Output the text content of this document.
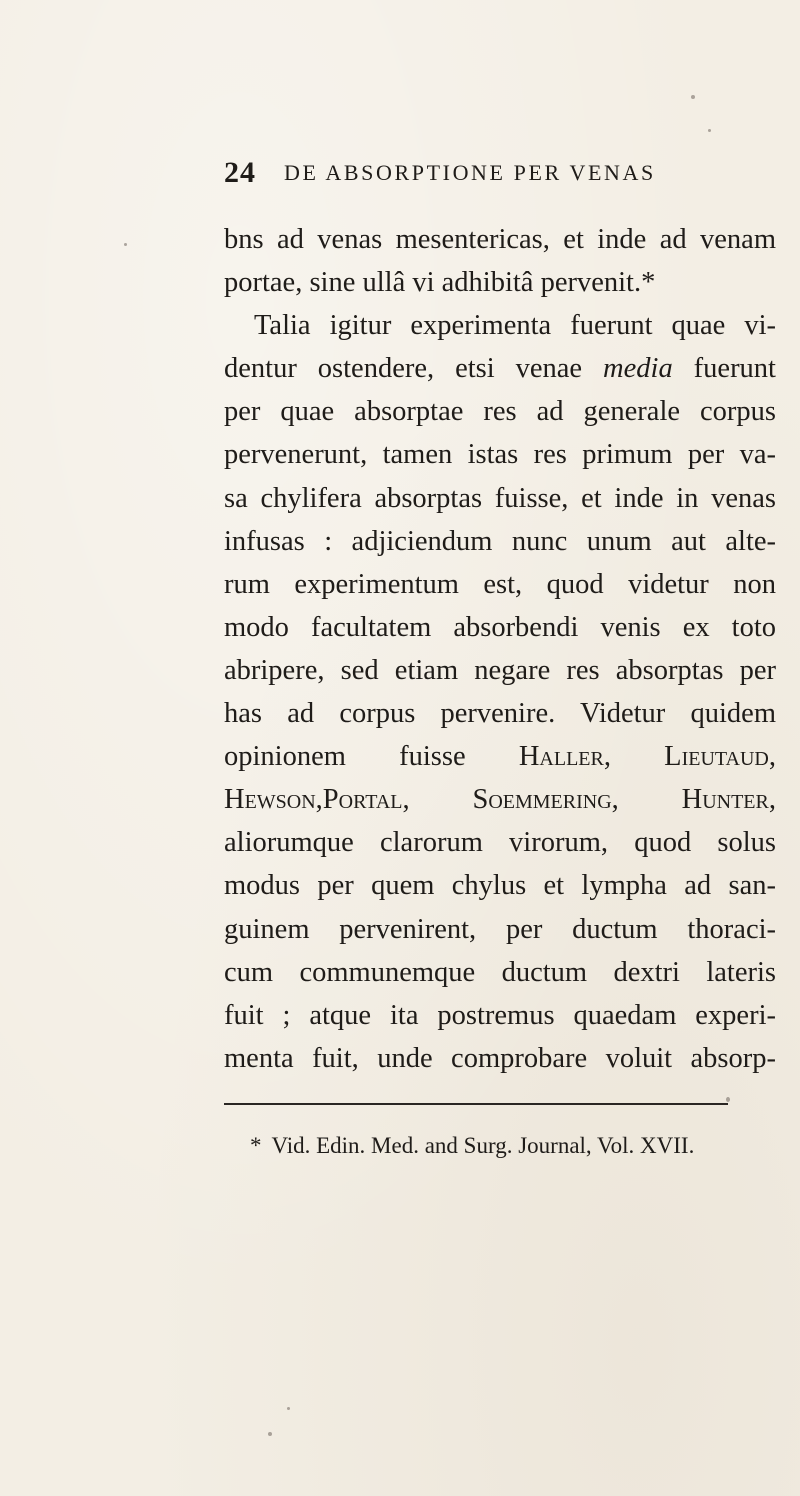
24 DE ABSORPTIONE PER VENAS
bns ad venas mesentericas, et inde ad venam
portae, sine ullâ vi adhibitâ pervenit.*
Talia igitur experimenta fuerunt quae vi-
dentur ostendere, etsi venae media fuerunt
per quae absorptae res ad generale corpus
pervenerunt, tamen istas res primum per va-
sa chylifera absorptas fuisse, et inde in venas
infusas : adjiciendum nunc unum aut alte-
rum experimentum est, quod videtur non
modo facultatem absorbendi venis ex toto
abripere, sed etiam negare res absorptas per
has ad corpus pervenire. Videtur quidem
opinionem fuisse Haller, Lieutaud,
Hewson,Portal, Soemmering, Hunter,
aliorumque clarorum virorum, quod solus
modus per quem chylus et lympha ad san-
guinem pervenirent, per ductum thoraci-
cum communemque ductum dextri lateris
fuit ; atque ita postremus quaedam experi-
menta fuit, unde comprobare voluit absorp-
* Vid. Edin. Med. and Surg. Journal, Vol. XVII.
